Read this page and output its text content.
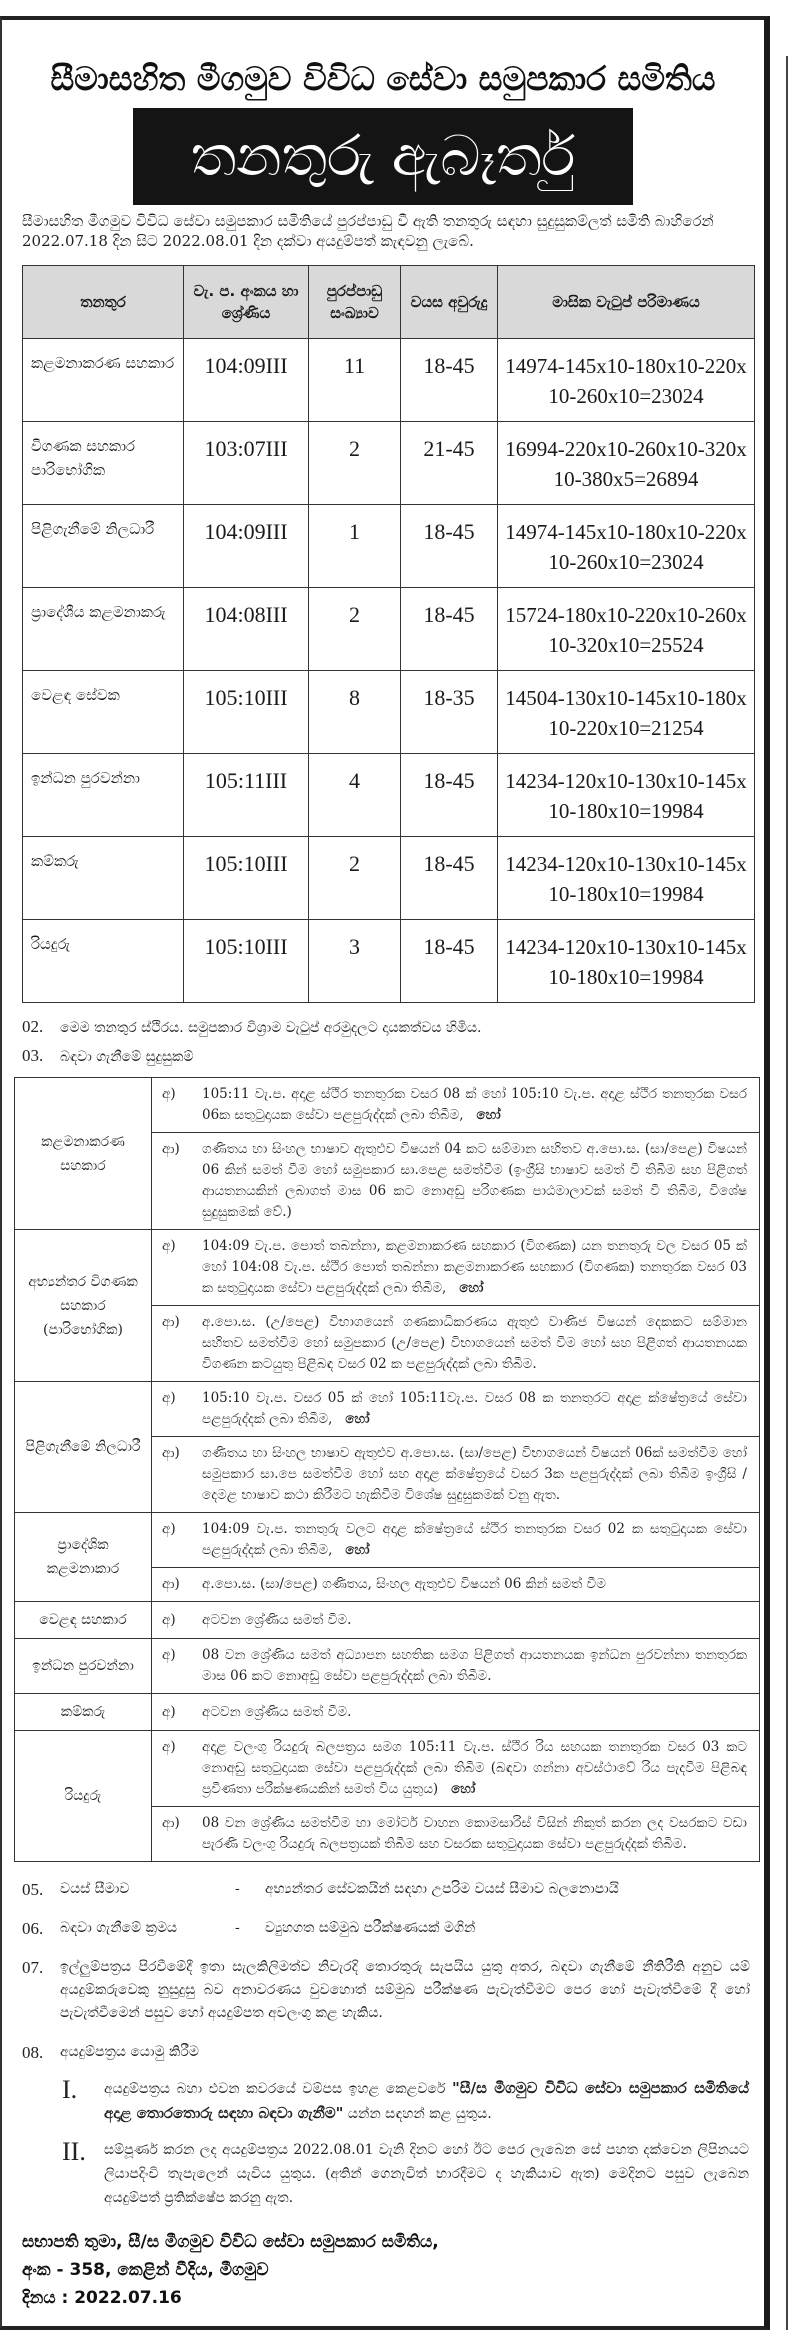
සීමාසහිත මීගමුව විවිධ සේවා සමුපකාර සමිතිය
තනතුරු ඇබෑර්තු
සීමාසහිත මීගමුව විවිධ සේවා සමුපකාර සමිතියේ පුරප්පාඩු වී ඇති තනතුරු සඳහා සුදුසුකම්ලත් සමිති බාහිරෙන් 2022.07.18 දින සිට 2022.08.01 දින දක්වා අයදුම්පත් කැඳවනු ලැබේ.
තනතුර	වැ. ප. අංකය හා ශ්‍රේණිය	පුරප්පාඩු සංඛ්‍යාව	වයස අවුරුදු	මාසික වැටුප් පරිමාණය
කළමනාකරණ සහකාර	104:09III	11	18-45	14974-145x10-180x10-220x10-260x10=23024
විගණක සහකාර පාරිභෝගික	103:07III	2	21-45	16994-220x10-260x10-320x10-380x5=26894
පිළිගැනීමේ නිලධාරී	104:09III	1	18-45	14974-145x10-180x10-220x10-260x10=23024
ප්‍රාදේශීය කළමනාකරු	104:08III	2	18-45	15724-180x10-220x10-260x10-320x10=25524
වෙළඳ සේවක	105:10III	8	18-35	14504-130x10-145x10-180x10-220x10=21254
ඉන්ධන පුරවන්නා	105:11III	4	18-45	14234-120x10-130x10-145x10-180x10=19984
කම්කරු	105:10III	2	18-45	14234-120x10-130x10-145x10-180x10=19984
රියදුරු	105:10III	3	18-45	14234-120x10-130x10-145x10-180x10=19984
02. මෙම තනතුර ස්ථිරය. සමුපකාර විශ්‍රාම වැටුප් අරමුදලට දායකත්වය හිමිය.
03. බඳවා ගැනීමේ සුදුසුකම්
කළමනාකරණ සහකාර	අ) 105:11 වැ.ප. අදාළ ස්ථිර තනතුරක වසර 08 ක් හෝ 105:10 වැ.ප. අදාළ ස්ථිර තනතුරක වසර 06ක සතුටුදායක සේවා පළපුරුද්දක් ලබා තිබීම, හෝ
	ආ) ගණිතය හා සිංහල භාෂාව ඇතුළුව විෂයන් 04 කට සම්මාන සහිතව අ.පො.ස. (සා/පෙළ) විෂයන් 06 කින් සමත් වීම හෝ සමුපකාර සා.පෙළ සමත්වීම (ඉංග්‍රීසි භාෂාව සමත් වී තිබීම සහ පිළිගත් ආයතනයකින් ලබාගත් මාස 06 කට නොඅඩු පරිගණක පාඨමාලාවක් සමත් වී තිබීම, විශේෂ සුදුසුකමක් වේ.)
අභ්‍යන්තර විගණක සහකාර (පාරිභෝගික)	අ) 104:09 වැ.ප. පොත් තබන්නා, කළමනාකරණ සහකාර (විගණක) යන තනතුරු වල වසර 05 ක් හෝ 104:08 වැ.ප. ස්ථිර පොත් තබන්නා කළමනාකරණ සහකාර (විගණක) තනතුරක වසර 03 ක සතුටුදායක සේවා පළපුරුද්දක් ලබා තිබීම, හෝ
	ආ) අ.පො.ස. (උ/පෙළ) විභාගයෙන් ගණකාධිකරණය ඇතුළු වාණිජ විෂයන් දෙකකට සම්මාන සහිතව සමත්වීම හෝ සමුපකාර (උ/පෙළ) විභාගයෙන් සමත් වීම හෝ සහ පිළිගත් ආයතනයක විගණන කටයුතු පිළිබඳ වසර 02 ක පළපුරුද්දක් ලබා තිබීම.
පිළිගැනීමේ නිලධාරී	අ) 105:10 වැ.ප. වසර 05 ක් හෝ 105:11වැ.ප. වසර 08 ක තනතුරට අදාළ ක්ෂේත්‍රයේ සේවා පළපුරුද්දක් ලබා තිබීම, හෝ
	ආ) ගණිතය හා සිංහල භාෂාව ඇතුළුව අ.පො.ස. (සා/පෙළ) විභාගයෙන් විෂයන් 06ක් සමත්වීම හෝ සමුපකාර සා.පෙ සමත්වීම හෝ සහ අදාළ ක්ෂේත්‍රයේ වසර 3ක පළපුරුද්දක් ලබා තිබීම ඉංග්‍රීසි / දෙමළ භාෂාව කථා කිරීමට හැකිවීම විශේෂ සුදුසුකමක් වනු ඇත.
ප්‍රාදේශික කළමනාකාර	අ) 104:09 වැ.ප. තනතුරු වලට අදාළ ක්ෂේත්‍රයේ ස්ථිර තනතුරක වසර 02 ක සතුටුදායක සේවා පළපුරුද්දක් ලබා තිබීම, හෝ
	ආ) අ.පො.ස. (සා/පෙළ) ගණිතය, සිංහල ඇතුළුව විෂයන් 06 කින් සමත් වීම
වෙළඳ සහකාර	අ) අටවන ශ්‍රේණිය සමත් වීම.
ඉන්ධන පුරවන්නා	අ) 08 වන ශ්‍රේණිය සමත් අධ්‍යාපන සහතික සමග පිළිගත් ආයතනයක ඉන්ධන පුරවන්නා තනතුරක මාස 06 කට නොඅඩු සේවා පළපුරුද්දක් ලබා තිබීම.
කම්කරු	අ) අටවන ශ්‍රේණිය සමත් වීම.
රියදුරු	අ) අදාළ වලංගු රියදුරු බලපත්‍රය සමග 105:11 වැ.ප. ස්ථිර රිය සහයක තනතුරක වසර 03 කට නොඅඩු සතුටුදායක සේවා පළපුරුද්දක් ලබා තිබීම (බඳවා ගන්නා අවස්ථාවේ රිය පැදවීම පිළිබඳ ප්‍රවීණතා පරීක්ෂණයකින් සමත් විය යුතුය) හෝ
	ආ) 08 වන ශ්‍රේණිය සමත්වීම හා මෝටර් වාහන කොමසාරිස් විසින් නිකුත් කරන ලද වසරකට වඩා පැරණි වලංගු රියදුරු බලපත්‍රයක් තිබීම සහ වසරක සතුටුදායක සේවා පළපුරුද්දක් තිබීම.
05. වයස් සීමාව	- අභ්‍යන්තර සේවකයින් සඳහා උපරිම වයස් සීමාව බලනොපායි
06. බඳවා ගැනීමේ ක්‍රමය	- ව්‍යුහගත සම්මුඛ පරීක්ෂණයක් මගින්
07. ඉල්ලුම්පත්‍රය පිරවීමේදී ඉතා සැලකිලිමත්ව නිවැරදි තොරතුරු සැපයිය යුතු අතර, බඳවා ගැනීමේ නීතිරීති අනුව යම් අයදුම්කරුවෙකු නුසුදුසු බව අනාවරණය වුවහොත් සම්මුඛ පරීක්ෂණ පැවැත්වීමට පෙර හෝ පැවැත්වීමේ දී හෝ පැවැත්වීමෙන් පසුව හෝ අයදුම්පත අවලංගු කළ හැකිය.
08. අයදුම්පත්‍රය යොමු කිරීම
I. අයදුම්පත්‍රය බහා එවන කවරයේ වම්පස ඉහළ කෙළවරේ "සී/ස මීගමුව විවිධ සේවා සමුපකාර සමිතියේ අදාළ තොරතොරු සඳහා බඳවා ගැනීම" යන්න සඳහන් කළ යුතුය.
II. සම්පූර්ණ කරන ලද අයදුම්පත්‍රය 2022.08.01 වැනි දිනට හෝ ඊට පෙර ලැබෙන සේ පහත දක්වෙන ලිපිනයට ලියාපදිංචි තැපැලෙන් යැවිය යුතුය. (අතින් ගෙනැවිත් භාරදීමට ද හැකියාව ඇත) මෙදිනට පසුව ලැබෙන අයදුම්පත් ප්‍රතික්ෂේප කරනු ඇත.
සභාපති තුමා, සී/ස මීගමුව විවිධ සේවා සමුපකාර සමිතිය,
අංක - 358, කෙළින් වීදිය, මීගමුව
දිනය : 2022.07.16
